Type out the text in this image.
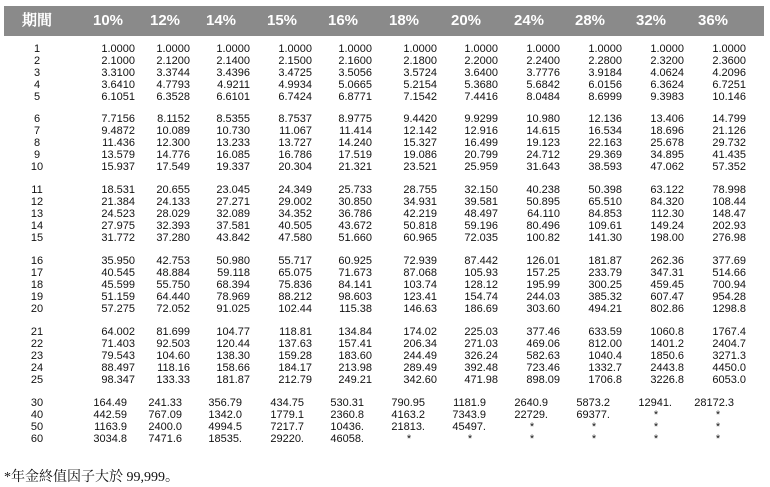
期間	10%	12%	14%	15%	16%	18%	20%	24%	28%	32%	36%
1	1.0000	1.0000	1.0000	1.0000	1.0000	1.0000	1.0000	1.0000	1.0000	1.0000	1.0000
2	2.1000	2.1200	2.1400	2.1500	2.1600	2.1800	2.2000	2.2400	2.2800	2.3200	2.3600
3	3.3100	3.3744	3.4396	3.4725	3.5056	3.5724	3.6400	3.7776	3.9184	4.0624	4.2096
4	3.6410	4.7793	4.9211	4.9934	5.0665	5.2154	5.3680	5.6842	6.0156	6.3624	6.7251
5	6.1051	6.3528	6.6101	6.7424	6.8771	7.1542	7.4416	8.0484	8.6999	9.3983	10.146
6	7.7156	8.1152	8.5355	8.7537	8.9775	9.4420	9.9299	10.980	12.136	13.406	14.799
7	9.4872	10.089	10.730	11.067	11.414	12.142	12.916	14.615	16.534	18.696	21.126
8	11.436	12.300	13.233	13.727	14.240	15.327	16.499	19.123	22.163	25.678	29.732
9	13.579	14.776	16.085	16.786	17.519	19.086	20.799	24.712	29.369	34.895	41.435
10	15.937	17.549	19.337	20.304	21.321	23.521	25.959	31.643	38.593	47.062	57.352
11	18.531	20.655	23.045	24.349	25.733	28.755	32.150	40.238	50.398	63.122	78.998
12	21.384	24.133	27.271	29.002	30.850	34.931	39.581	50.895	65.510	84.320	108.44
13	24.523	28.029	32.089	34.352	36.786	42.219	48.497	64.110	84.853	112.30	148.47
14	27.975	32.393	37.581	40.505	43.672	50.818	59.196	80.496	109.61	149.24	202.93
15	31.772	37.280	43.842	47.580	51.660	60.965	72.035	100.82	141.30	198.00	276.98
16	35.950	42.753	50.980	55.717	60.925	72.939	87.442	126.01	181.87	262.36	377.69
17	40.545	48.884	59.118	65.075	71.673	87.068	105.93	157.25	233.79	347.31	514.66
18	45.599	55.750	68.394	75.836	84.141	103.74	128.12	195.99	300.25	459.45	700.94
19	51.159	64.440	78.969	88.212	98.603	123.41	154.74	244.03	385.32	607.47	954.28
20	57.275	72.052	91.025	102.44	115.38	146.63	186.69	303.60	494.21	802.86	1298.8
21	64.002	81.699	104.77	118.81	134.84	174.02	225.03	377.46	633.59	1060.8	1767.4
22	71.403	92.503	120.44	137.63	157.41	206.34	271.03	469.06	812.00	1401.2	2404.7
23	79.543	104.60	138.30	159.28	183.60	244.49	326.24	582.63	1040.4	1850.6	3271.3
24	88.497	118.16	158.66	184.17	213.98	289.49	392.48	723.46	1332.7	2443.8	4450.0
25	98.347	133.33	181.87	212.79	249.21	342.60	471.98	898.09	1706.8	3226.8	6053.0
30	164.49	241.33	356.79	434.75	530.31	790.95	1181.9	2640.9	5873.2	12941.	28172.3
40	442.59	767.09	1342.0	1779.1	2360.8	4163.2	7343.9	22729.	69377.	*	*
50	1163.9	2400.0	4994.5	7217.7	10436.	21813.	45497.	*	*	*	*
60	3034.8	7471.6	18535.	29220.	46058.	*	*	*	*	*	*
*年金終值因子大於 99,999。
